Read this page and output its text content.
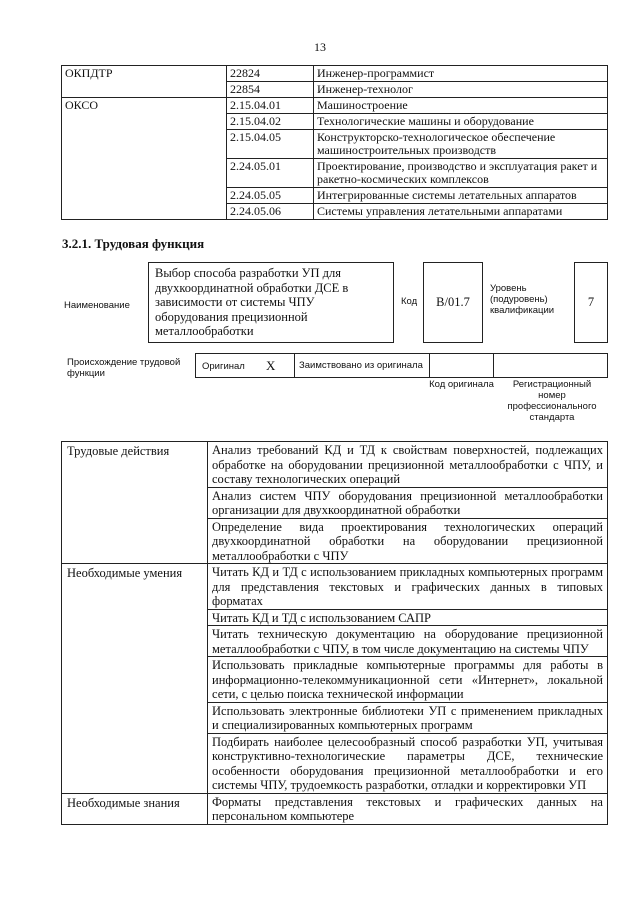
13
ОКПДТР	22824	Инженер-программист
	22854	Инженер-технолог
ОКСО	2.15.04.01	Машиностроение
	2.15.04.02	Технологические машины и оборудование
	2.15.04.05	Конструкторско-технологическое обеспечение машиностроительных производств
	2.24.05.01	Проектирование, производство и эксплуатация ракет и ракетно-космических комплексов
	2.24.05.05	Интегрированные системы летательных аппаратов
	2.24.05.06	Системы управления летательными аппаратами
3.2.1. Трудовая функция
Наименование
Выбор способа разработки УП для двухкоординатной обработки ДСЕ в зависимости от системы ЧПУ оборудования прецизионной металлообработки
Код	B/01.7
Уровень (подуровень) квалификации
7
Происхождение трудовой функции
Оригинал X	Заимствовано из оригинала
Код оригинала	Регистрационный номер профессионального стандарта
Трудовые действия	Анализ требований КД и ТД к свойствам поверхностей, подлежащих обработке на оборудовании прецизионной металлообработки с ЧПУ, и составу технологических операций
	Анализ систем ЧПУ оборудования прецизионной металлообработки организации для двухкоординатной обработки
	Определение вида проектирования технологических операций двухкоординатной обработки на оборудовании прецизионной металлообработки с ЧПУ
Необходимые умения	Читать КД и ТД с использованием прикладных компьютерных программ для представления текстовых и графических данных в типовых форматах
	Читать КД и ТД с использованием САПР
	Читать техническую документацию на оборудование прецизионной металлообработки с ЧПУ, в том числе документацию на системы ЧПУ
	Использовать прикладные компьютерные программы для работы в информационно-телекоммуникационной сети «Интернет», локальной сети, с целью поиска технической информации
	Использовать электронные библиотеки УП с применением прикладных и специализированных компьютерных программ
	Подбирать наиболее целесообразный способ разработки УП, учитывая конструктивно-технологические параметры ДСЕ, технические особенности оборудования прецизионной металлообработки и его системы ЧПУ, трудоемкость разработки, отладки и корректировки УП
Необходимые знания	Форматы представления текстовых и графических данных на персональном компьютере
